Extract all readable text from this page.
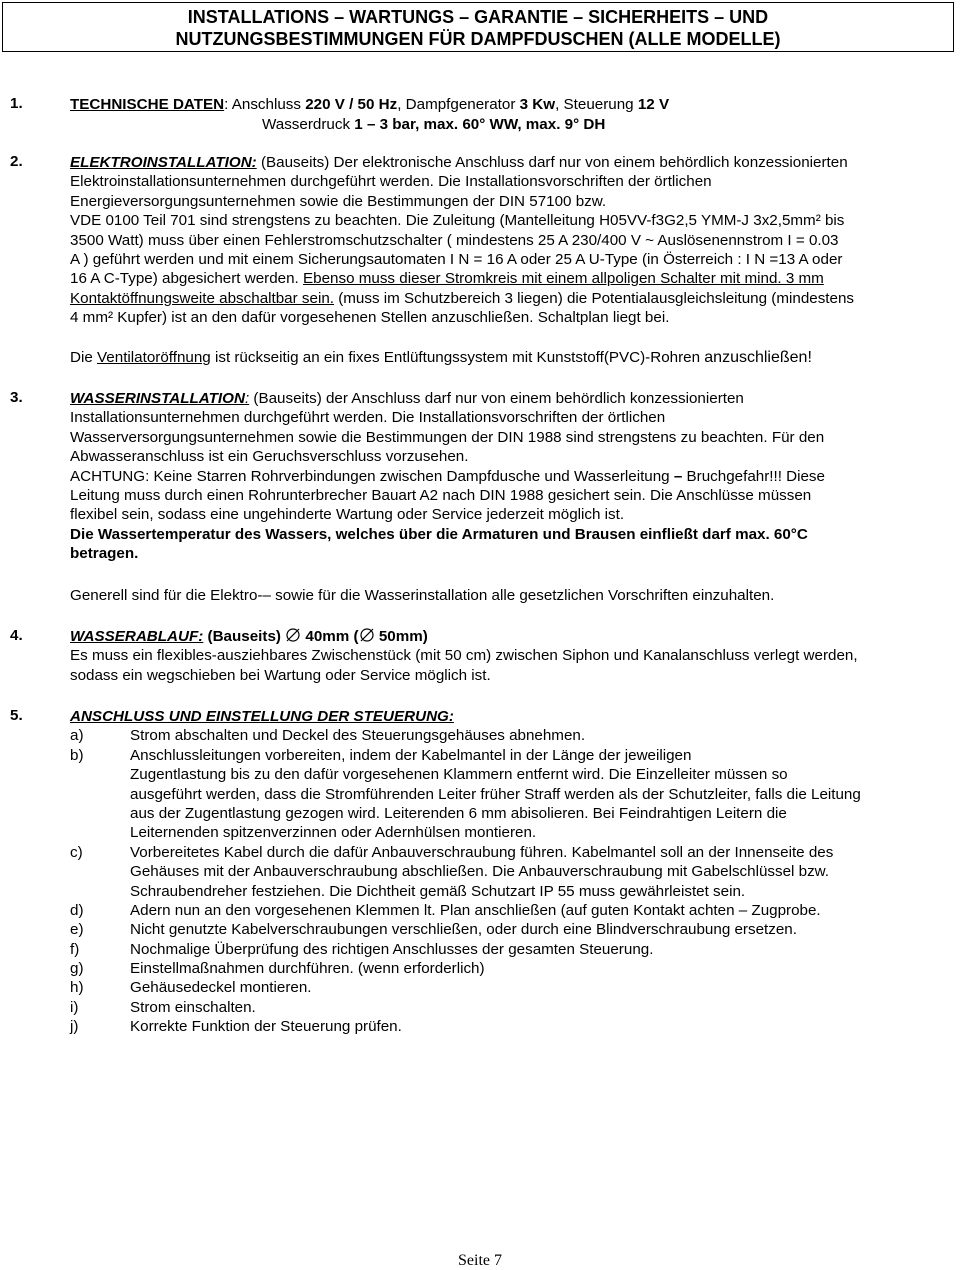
INSTALLATIONS – WARTUNGS – GARANTIE – SICHERHEITS – UND
NUTZUNGSBESTIMMUNGEN FÜR DAMPFDUSCHEN (ALLE MODELLE)
1.	TECHNISCHE DATEN: Anschluss 220 V / 50 Hz, Dampfgenerator 3 Kw, Steuerung 12 V
Wasserdruck 1 – 3 bar, max. 60° WW, max. 9° DH
2.	ELEKTROINSTALLATION: (Bauseits) Der elektronische Anschluss darf nur von einem behördlich konzessionierten
Elektroinstallationsunternehmen durchgeführt werden. Die Installationsvorschriften der örtlichen
Energieversorgungsunternehmen sowie die Bestimmungen der DIN 57100 bzw.
VDE 0100 Teil 701 sind strengstens zu beachten. Die Zuleitung (Mantelleitung H05VV-f3G2,5 YMM-J 3x2,5mm² bis
3500 Watt) muss über einen Fehlerstromschutzschalter ( mindestens 25 A 230/400 V ~ Auslösenennstrom I = 0.03
A ) geführt werden und mit einem Sicherungsautomaten I N = 16 A oder 25 A U-Type (in Österreich : I N =13 A oder
16 A C-Type) abgesichert werden. Ebenso muss dieser Stromkreis mit einem allpoligen Schalter mit mind. 3 mm
Kontaktöffnungsweite abschaltbar sein. (muss im Schutzbereich 3 liegen) die Potentialausgleichsleitung (mindestens
4 mm² Kupfer) ist an den dafür vorgesehenen Stellen anzuschließen. Schaltplan liegt bei.
Die Ventilatoröffnung ist rückseitig an ein fixes Entlüftungssystem mit Kunststoff(PVC)-Rohren anzuschließen!
3.	WASSERINSTALLATION: (Bauseits) der Anschluss darf nur von einem behördlich konzessionierten
Installationsunternehmen durchgeführt werden. Die Installationsvorschriften der örtlichen
Wasserversorgungsunternehmen sowie die Bestimmungen der DIN 1988 sind strengstens zu beachten. Für den
Abwasseranschluss ist ein Geruchsverschluss vorzusehen.
ACHTUNG: Keine Starren Rohrverbindungen zwischen Dampfdusche und Wasserleitung – Bruchgefahr!!! Diese
Leitung muss durch einen Rohrunterbrecher Bauart A2 nach DIN 1988 gesichert sein. Die Anschlüsse müssen
flexibel sein, sodass eine ungehinderte Wartung oder Service jederzeit möglich ist.
Die Wassertemperatur des Wassers, welches über die Armaturen und Brausen einfließt darf max. 60°C
betragen.
Generell sind für die Elektro-– sowie für die Wasserinstallation alle gesetzlichen Vorschriften einzuhalten.
4.	WASSERABLAUF: (Bauseits)  40mm ( 50mm)
Es muss ein flexibles-ausziehbares Zwischenstück (mit 50 cm) zwischen Siphon und Kanalanschluss verlegt werden,
sodass ein wegschieben bei Wartung oder Service möglich ist.
5.	ANSCHLUSS UND EINSTELLUNG DER STEUERUNG:
a)	Strom abschalten und Deckel des Steuerungsgehäuses abnehmen.
b)	Anschlussleitungen vorbereiten, indem der Kabelmantel in der Länge der jeweiligen
Zugentlastung bis zu den dafür vorgesehenen Klammern entfernt wird. Die Einzelleiter müssen so
ausgeführt werden, dass die Stromführenden Leiter früher Straff werden als der Schutzleiter, falls die Leitung
aus der Zugentlastung gezogen wird. Leiterenden 6 mm abisolieren. Bei Feindrahtigen Leitern die
Leiternenden spitzenverzinnen oder Adernhülsen montieren.
c)	Vorbereitetes Kabel durch die dafür Anbauverschraubung führen. Kabelmantel soll an der Innenseite des
Gehäuses mit der Anbauverschraubung abschließen. Die Anbauverschraubung mit Gabelschlüssel bzw.
Schraubendreher festziehen. Die Dichtheit gemäß Schutzart IP 55 muss gewährleistet sein.
d)	Adern nun an den vorgesehenen Klemmen lt. Plan anschließen (auf guten Kontakt achten – Zugprobe.
e)	Nicht genutzte Kabelverschraubungen verschließen, oder durch eine Blindverschraubung ersetzen.
f)	Nochmalige Überprüfung des richtigen Anschlusses der gesamten Steuerung.
g)	Einstellmaßnahmen durchführen. (wenn erforderlich)
h)	Gehäusedeckel montieren.
i)	Strom einschalten.
j)	Korrekte Funktion der Steuerung prüfen.
Seite 7
